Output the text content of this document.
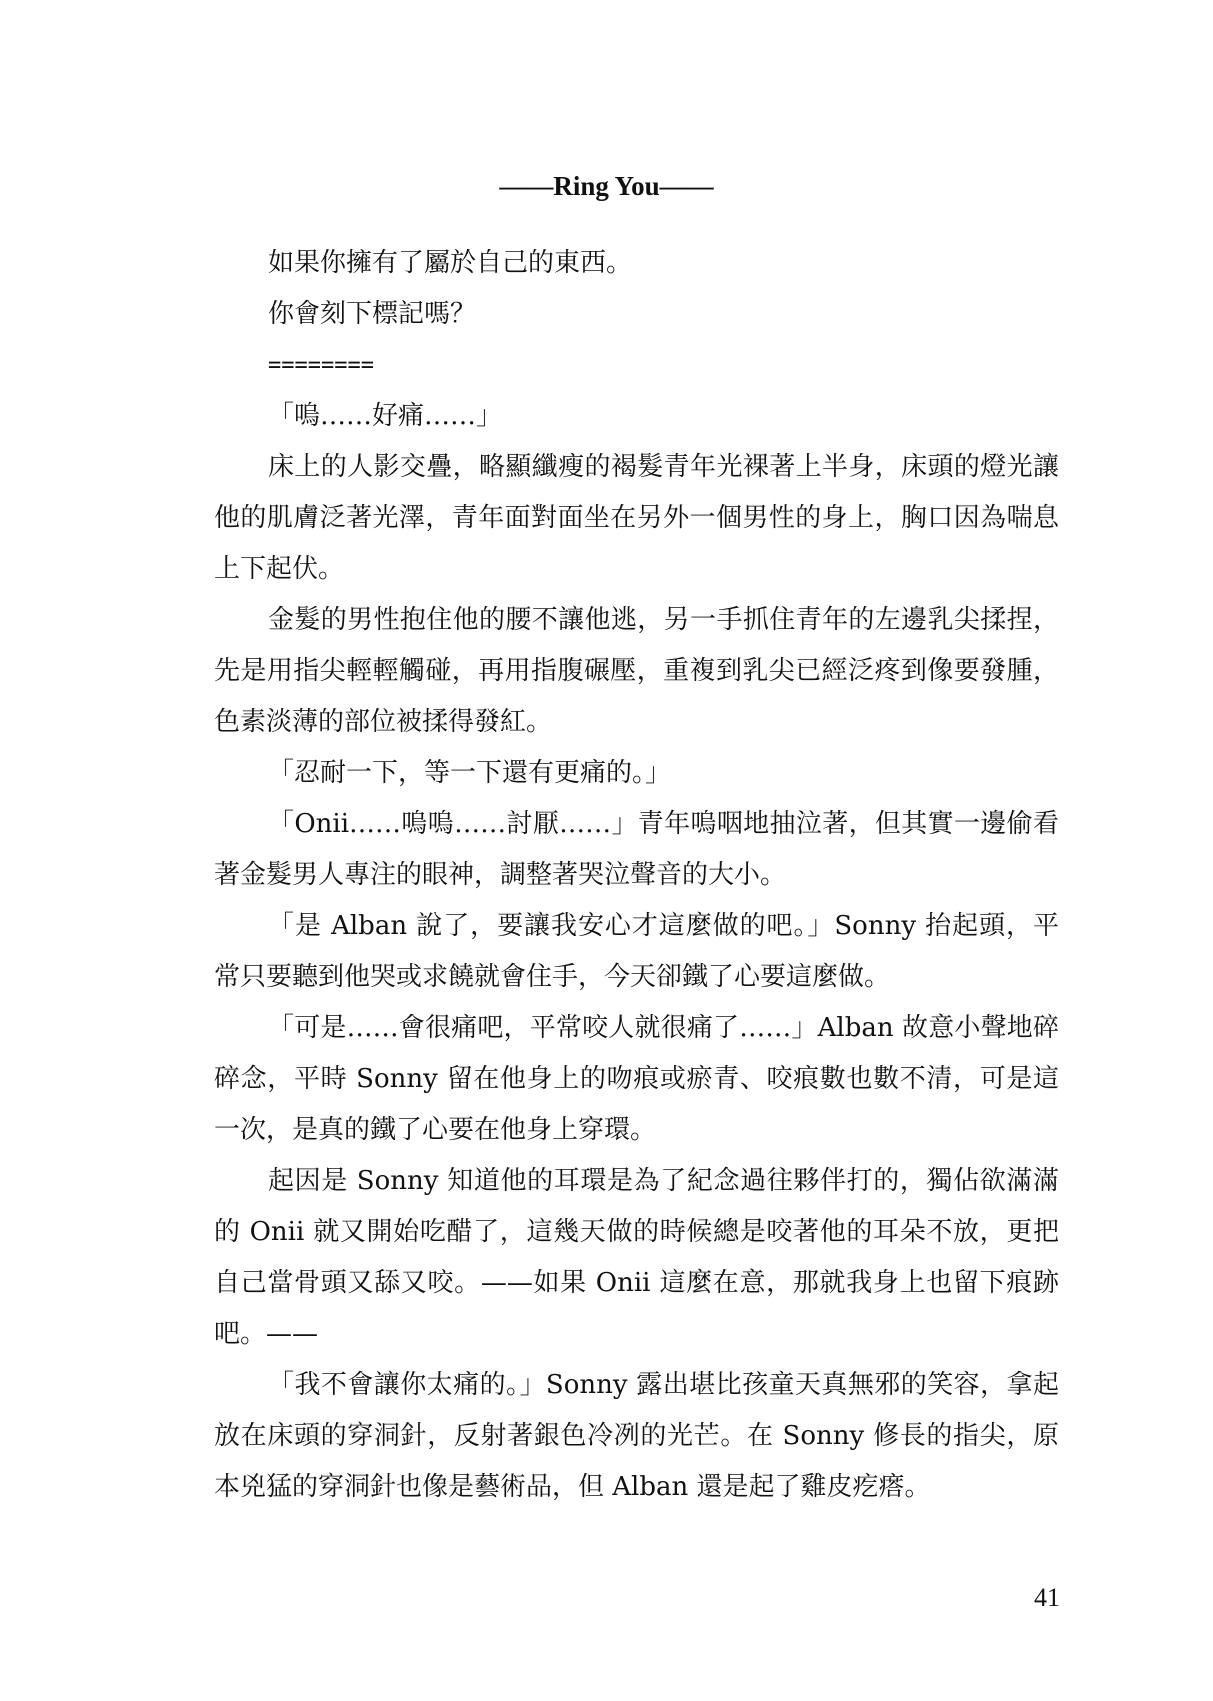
——Ring You——

如果你擁有了屬於自己的東西。

你會刻下標記嗎？

========

「嗚……好痛……」

床上的人影交疊，略顯纖瘦的褐髮青年光裸著上半身，床頭的燈光讓他的肌膚泛著光澤，青年面對面坐在另外一個男性的身上，胸口因為喘息上下起伏。

金髮的男性抱住他的腰不讓他逃，另一手抓住青年的左邊乳尖揉捏，先是用指尖輕輕觸碰，再用指腹碾壓，重複到乳尖已經泛疼到像要發腫，色素淡薄的部位被揉得發紅。

「忍耐一下，等一下還有更痛的。」

「Onii……嗚嗚……討厭……」青年嗚咽地抽泣著，但其實一邊偷看著金髮男人專注的眼神，調整著哭泣聲音的大小。

「是 Alban 說了，要讓我安心才這麼做的吧。」Sonny 抬起頭，平常只要聽到他哭或求饒就會住手，今天卻鐵了心要這麼做。

「可是……會很痛吧，平常咬人就很痛了……」Alban 故意小聲地碎碎念，平時 Sonny 留在他身上的吻痕或瘀青、咬痕數也數不清，可是這一次，是真的鐵了心要在他身上穿環。

起因是 Sonny 知道他的耳環是為了紀念過往夥伴打的，獨佔欲滿滿的 Onii 就又開始吃醋了，這幾天做的時候總是咬著他的耳朵不放，更把自己當骨頭又舔又咬。——如果 Onii 這麼在意，那就我身上也留下痕跡吧。——

「我不會讓你太痛的。」Sonny 露出堪比孩童天真無邪的笑容，拿起放在床頭的穿洞針，反射著銀色冷冽的光芒。在 Sonny 修長的指尖，原本兇猛的穿洞針也像是藝術品，但 Alban 還是起了雞皮疙瘩。

41
